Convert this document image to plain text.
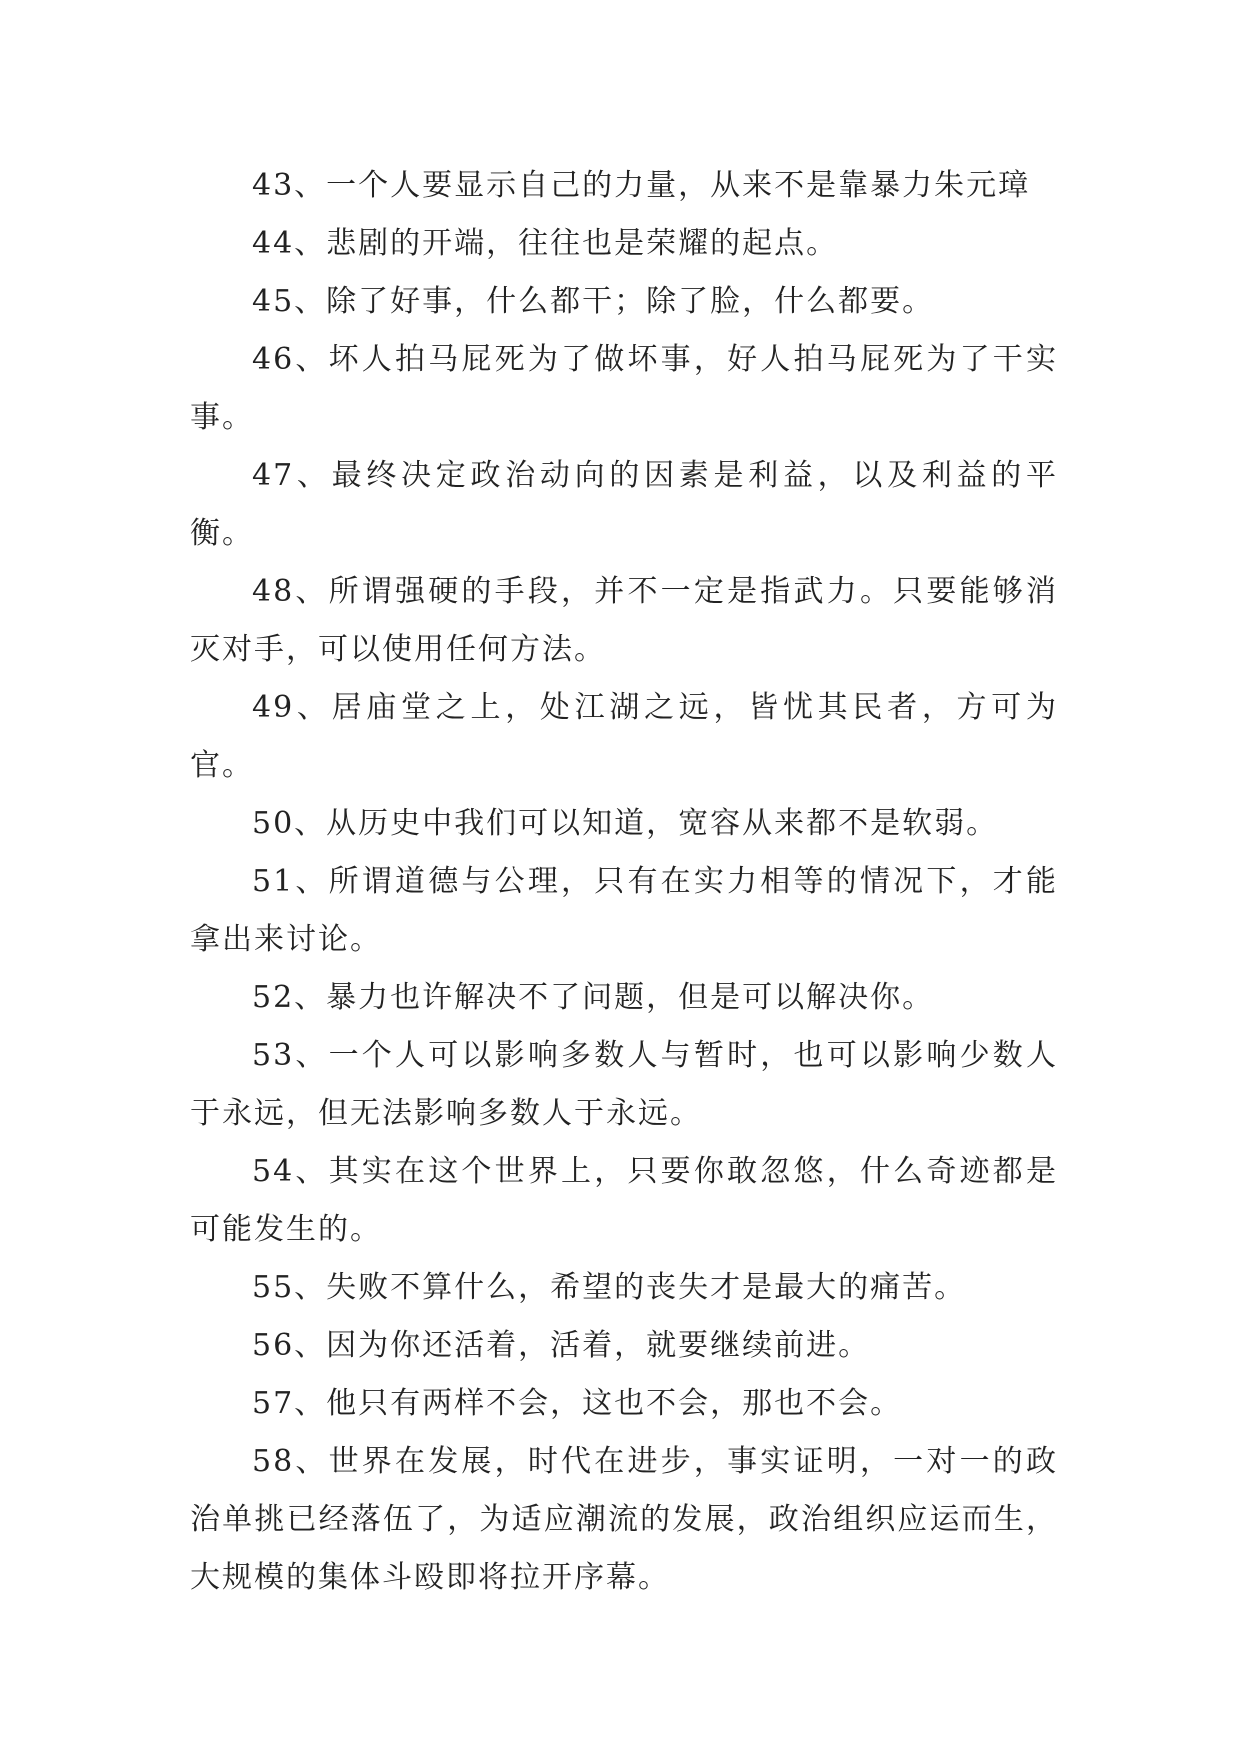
43、一个人要显示自己的力量，从来不是靠暴力朱元璋

44、悲剧的开端，往往也是荣耀的起点。

45、除了好事，什么都干；除了脸，什么都要。

46、坏人拍马屁死为了做坏事，好人拍马屁死为了干实事。

47、最终决定政治动向的因素是利益，以及利益的平衡。

48、所谓强硬的手段，并不一定是指武力。只要能够消灭对手，可以使用任何方法。

49、居庙堂之上，处江湖之远，皆忧其民者，方可为官。

50、从历史中我们可以知道，宽容从来都不是软弱。

51、所谓道德与公理，只有在实力相等的情况下，才能拿出来讨论。

52、暴力也许解决不了问题，但是可以解决你。

53、一个人可以影响多数人与暂时，也可以影响少数人于永远，但无法影响多数人于永远。

54、其实在这个世界上，只要你敢忽悠，什么奇迹都是可能发生的。

55、失败不算什么，希望的丧失才是最大的痛苦。

56、因为你还活着，活着，就要继续前进。

57、他只有两样不会，这也不会，那也不会。

58、世界在发展，时代在进步，事实证明，一对一的政治单挑已经落伍了，为适应潮流的发展，政治组织应运而生，大规模的集体斗殴即将拉开序幕。
